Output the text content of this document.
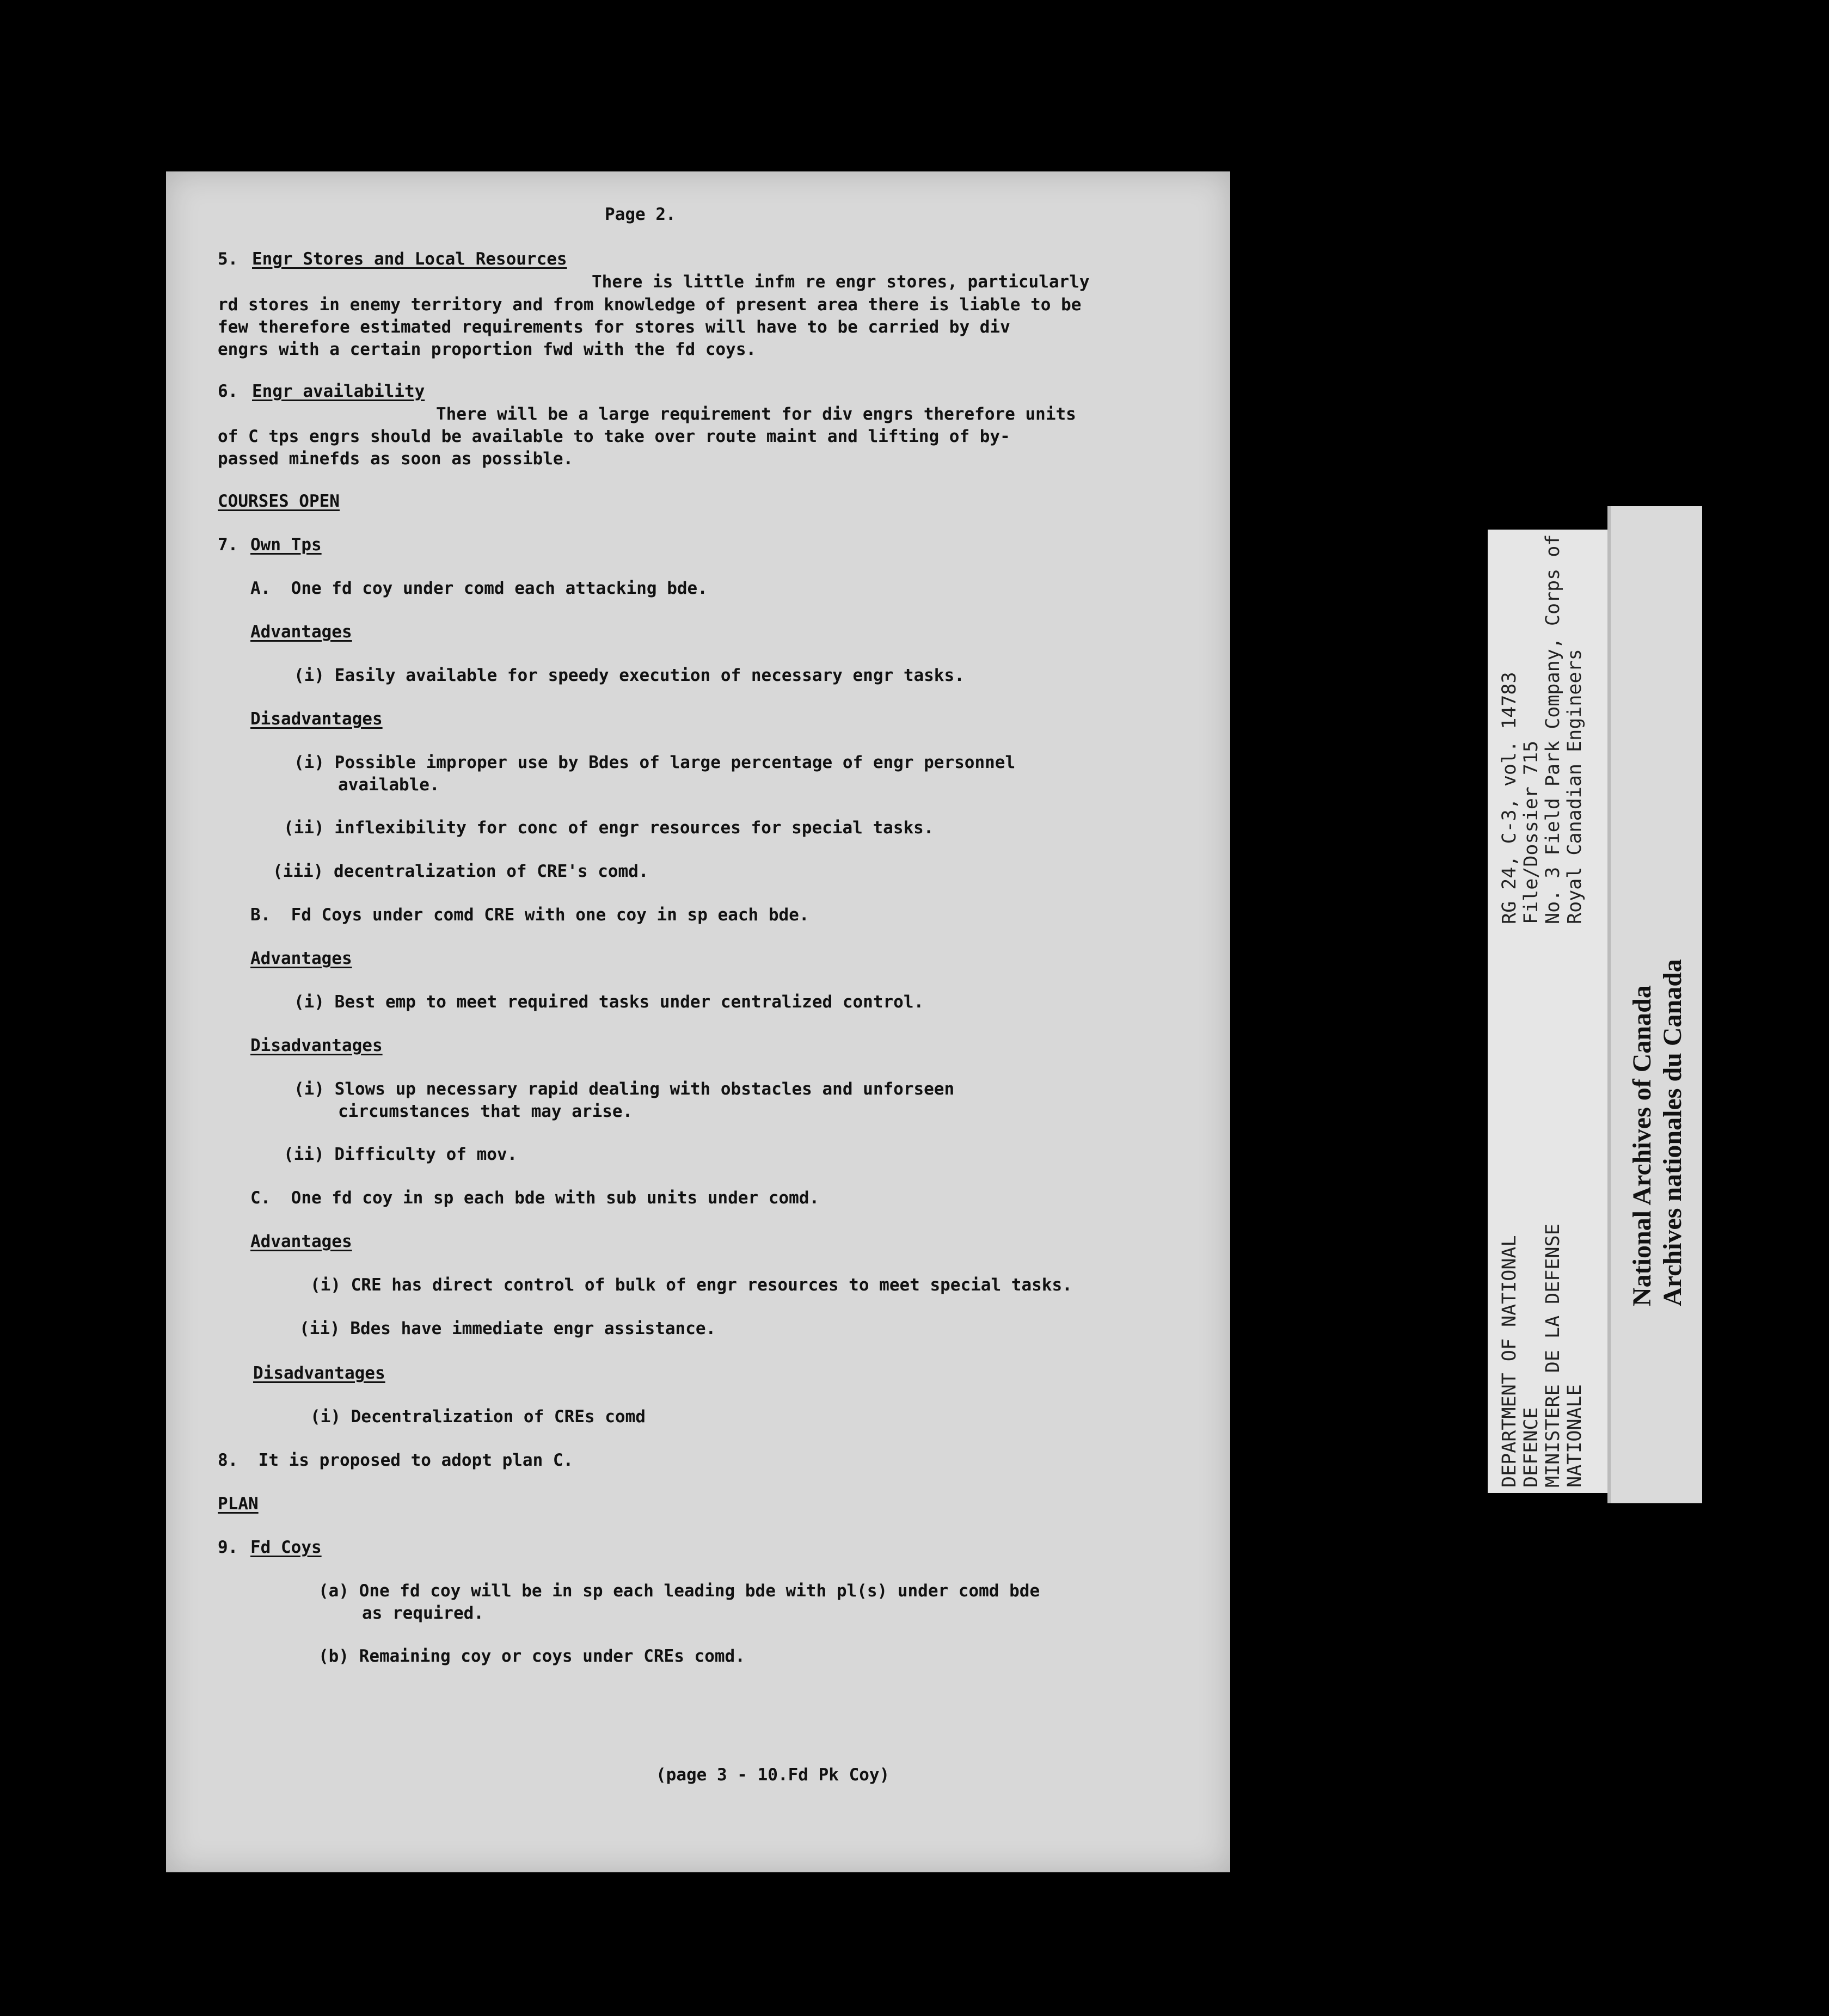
Page 2.
5. Engr Stores and Local Resources
There is little infm re engr stores, particularly
rd stores in enemy territory and from knowledge of present area there is liable to be
few therefore estimated requirements for stores will have to be carried by div
engrs with a certain proportion fwd with the fd coys.
6. Engr availability
There will be a large requirement for div engrs therefore units
of C tps engrs should be available to take over route maint and lifting of by-
passed minefds as soon as possible.
COURSES OPEN
7. Own Tps
A.  One fd coy under comd each attacking bde.
Advantages
(i) Easily available for speedy execution of necessary engr tasks.
Disadvantages
(i) Possible improper use by Bdes of large percentage of engr personnel
available.
(ii) inflexibility for conc of engr resources for special tasks.
(iii) decentralization of CRE's comd.
B.  Fd Coys under comd CRE with one coy in sp each bde.
Advantages
(i) Best emp to meet required tasks under centralized control.
Disadvantages
(i) Slows up necessary rapid dealing with obstacles and unforseen
circumstances that may arise.
(ii) Difficulty of mov.
C.  One fd coy in sp each bde with sub units under comd.
Advantages
(i) CRE has direct control of bulk of engr resources to meet special tasks.
(ii) Bdes have immediate engr assistance.
Disadvantages
(i) Decentralization of CREs comd
8.  It is proposed to adopt plan C.
PLAN
9. Fd Coys
(a) One fd coy will be in sp each leading bde with pl(s) under comd bde
as required.
(b) Remaining coy or coys under CREs comd.
(page 3 - 10.Fd Pk Coy)
DEPARTMENT OF NATIONAL DEFENCE MINISTERE DE LA DEFENSE NATIONALE
RG 24, C-3, vol. 14783 File/Dossier 715 No. 3 Field Park Company, Corps of Royal Canadian Engineers
National Archives of Canada Archives nationales du Canada
